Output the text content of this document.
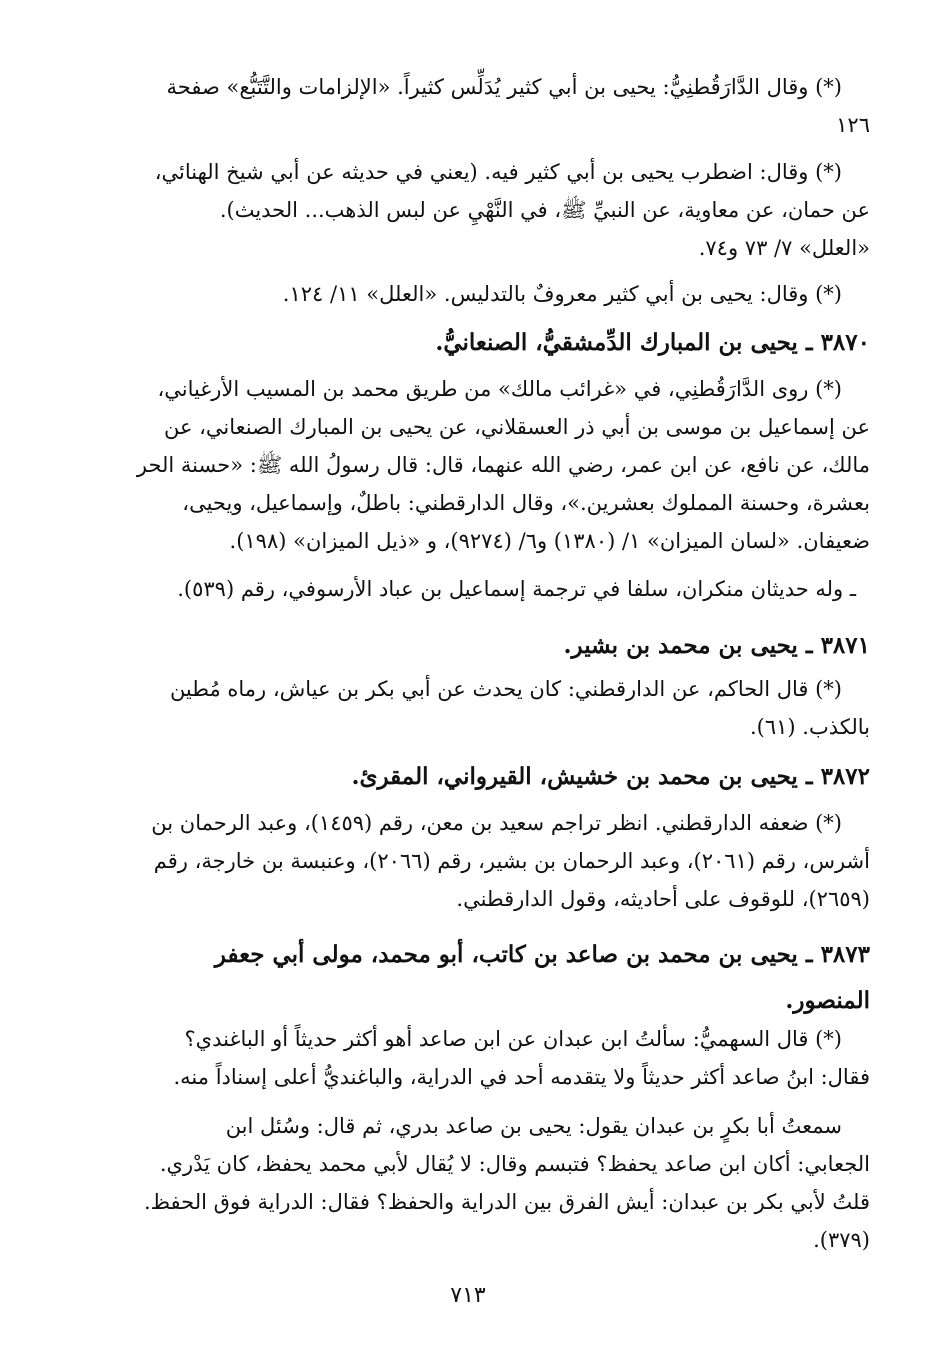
(*) وقال الدَّارَقُطنِيُّ: يحيى بن أبي كثير يُدَلِّس كثيراً. «الإلزامات والتَّتَبُّع» صفحة
١٢٦
(*) وقال: اضطرب يحيى بن أبي كثير فيه. (يعني في حديثه عن أبي شيخ الهنائي،
عن حمان، عن معاوية، عن النبيِّ ﷺ، في النَّهْيِ عن لبس الذهب... الحديث).
«العلل» ٧/ ٧٣ و٧٤.
(*) وقال: يحيى بن أبي كثير معروفٌ بالتدليس. «العلل» ١١/ ١٢٤.
٣٨٧٠ ـ يحيى بن المبارك الدِّمشقيُّ، الصنعانيُّ.
(*) روى الدَّارَقُطنِي، في «غرائب مالك» من طريق محمد بن المسيب الأرغياني،
عن إسماعيل بن موسى بن أبي ذر العسقلاني، عن يحيى بن المبارك الصنعاني، عن
مالك، عن نافع، عن ابن عمر، رضي الله عنهما، قال: قال رسولُ الله ﷺ: «حسنة الحر
بعشرة، وحسنة المملوك بعشرين.»، وقال الدارقطني: باطلٌ، وإسماعيل، ويحيى،
ضعيفان. «لسان الميزان» ١/ (١٣٨٠) و٦/ (٩٢٧٤)، و «ذيل الميزان» (١٩٨).
ـ وله حديثان منكران، سلفا في ترجمة إسماعيل بن عباد الأرسوفي، رقم (٥٣٩).
٣٨٧١ ـ يحيى بن محمد بن بشير.
(*) قال الحاكم، عن الدارقطني: كان يحدث عن أبي بكر بن عياش، رماه مُطين
بالكذب. (٦١).
٣٨٧٢ ـ يحيى بن محمد بن خشيش، القيرواني، المقرئ.
(*) ضعفه الدارقطني. انظر تراجم سعيد بن معن، رقم (١٤٥٩)، وعبد الرحمان بن
أشرس، رقم (٢٠٦١)، وعبد الرحمان بن بشير، رقم (٢٠٦٦)، وعنبسة بن خارجة، رقم
(٢٦٥٩)، للوقوف على أحاديثه، وقول الدارقطني.
٣٨٧٣ ـ يحيى بن محمد بن صاعد بن كاتب، أبو محمد، مولى أبي جعفر
المنصور.
(*) قال السهميُّ: سألتُ ابن عبدان عن ابن صاعد أهو أكثر حديثاً أو الباغندي؟
فقال: ابنُ صاعد أكثر حديثاً ولا يتقدمه أحد في الدراية، والباغنديُّ أعلى إسناداً منه.
سمعتُ أبا بكرٍ بن عبدان يقول: يحيى بن صاعد بدري، ثم قال: وسُئل ابن
الجعابي: أكان ابن صاعد يحفظ؟ فتبسم وقال: لا يُقال لأبي محمد يحفظ، كان يَدْري.
قلتُ لأبي بكر بن عبدان: أيش الفرق بين الدراية والحفظ؟ فقال: الدراية فوق الحفظ.
(٣٧٩).
٧١٣
